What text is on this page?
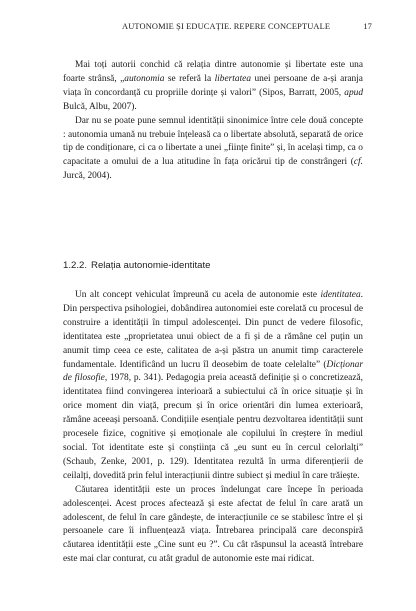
AUTONOMIE ȘI EDUCAȚIE. REPERE CONCEPTUALE	17

Mai toți autorii conchid că relația dintre autonomie și libertate este una foarte strânsă, „autonomia se referă la libertatea unei persoane de a-și aranja viața în concordanță cu propriile dorințe și valori” (Sipos, Barratt, 2005, apud Bulcă, Albu, 2007).

Dar nu se poate pune semnul identității sinonimice între cele două concepte : autonomia umană nu trebuie înțeleasă ca o libertate absolută, separată de orice tip de condiționare, ci ca o libertate a unei „ființe finite” și, în același timp, ca o capacitate a omului de a lua atitudine în fața oricărui tip de constrângeri (cf. Jurcă, 2004).

1.2.2. Relația autonomie-identitate

Un alt concept vehiculat împreună cu acela de autonomie este identitatea. Din perspectiva psihologiei, dobândirea autonomiei este corelată cu procesul de construire a identității în timpul adolescenței. Din punct de vedere filosofic, identitatea este „proprietatea unui obiect de a fi și de a rămâne cel puțin un anumit timp ceea ce este, calitatea de a-și păstra un anumit timp caracterele fundamentale. Identificând un lucru îl deosebim de toate celelalte” (Dicționar de filosofie, 1978, p. 341). Pedagogia preia această definiție și o concretizează, identitatea fiind convingerea interioară a subiectului că în orice situație și în orice moment din viață, precum și în orice orientări din lumea exterioară, rămâne aceeași persoană. Condițiile esențiale pentru dezvoltarea identității sunt procesele fizice, cognitive și emoționale ale copilului în creștere în mediul social. Tot identitate este și conștiința că „eu sunt eu în cercul celorlalți” (Schaub, Zenke, 2001, p. 129). Identitatea rezultă în urma diferențierii de ceilalți, dovedită prin felul interacțiunii dintre subiect și mediul în care trăiește.

Căutarea identității este un proces îndelungat care începe în perioada adolescenței. Acest proces afectează și este afectat de felul în care arată un adolescent, de felul în care gândește, de interacțiunile ce se stabilesc între el și persoanele care îi influențează viața. Întrebarea principală care deconspiră căutarea identității este „Cine sunt eu ?”. Cu cât răspunsul la această întrebare este mai clar conturat, cu atât gradul de autonomie este mai ridicat.
